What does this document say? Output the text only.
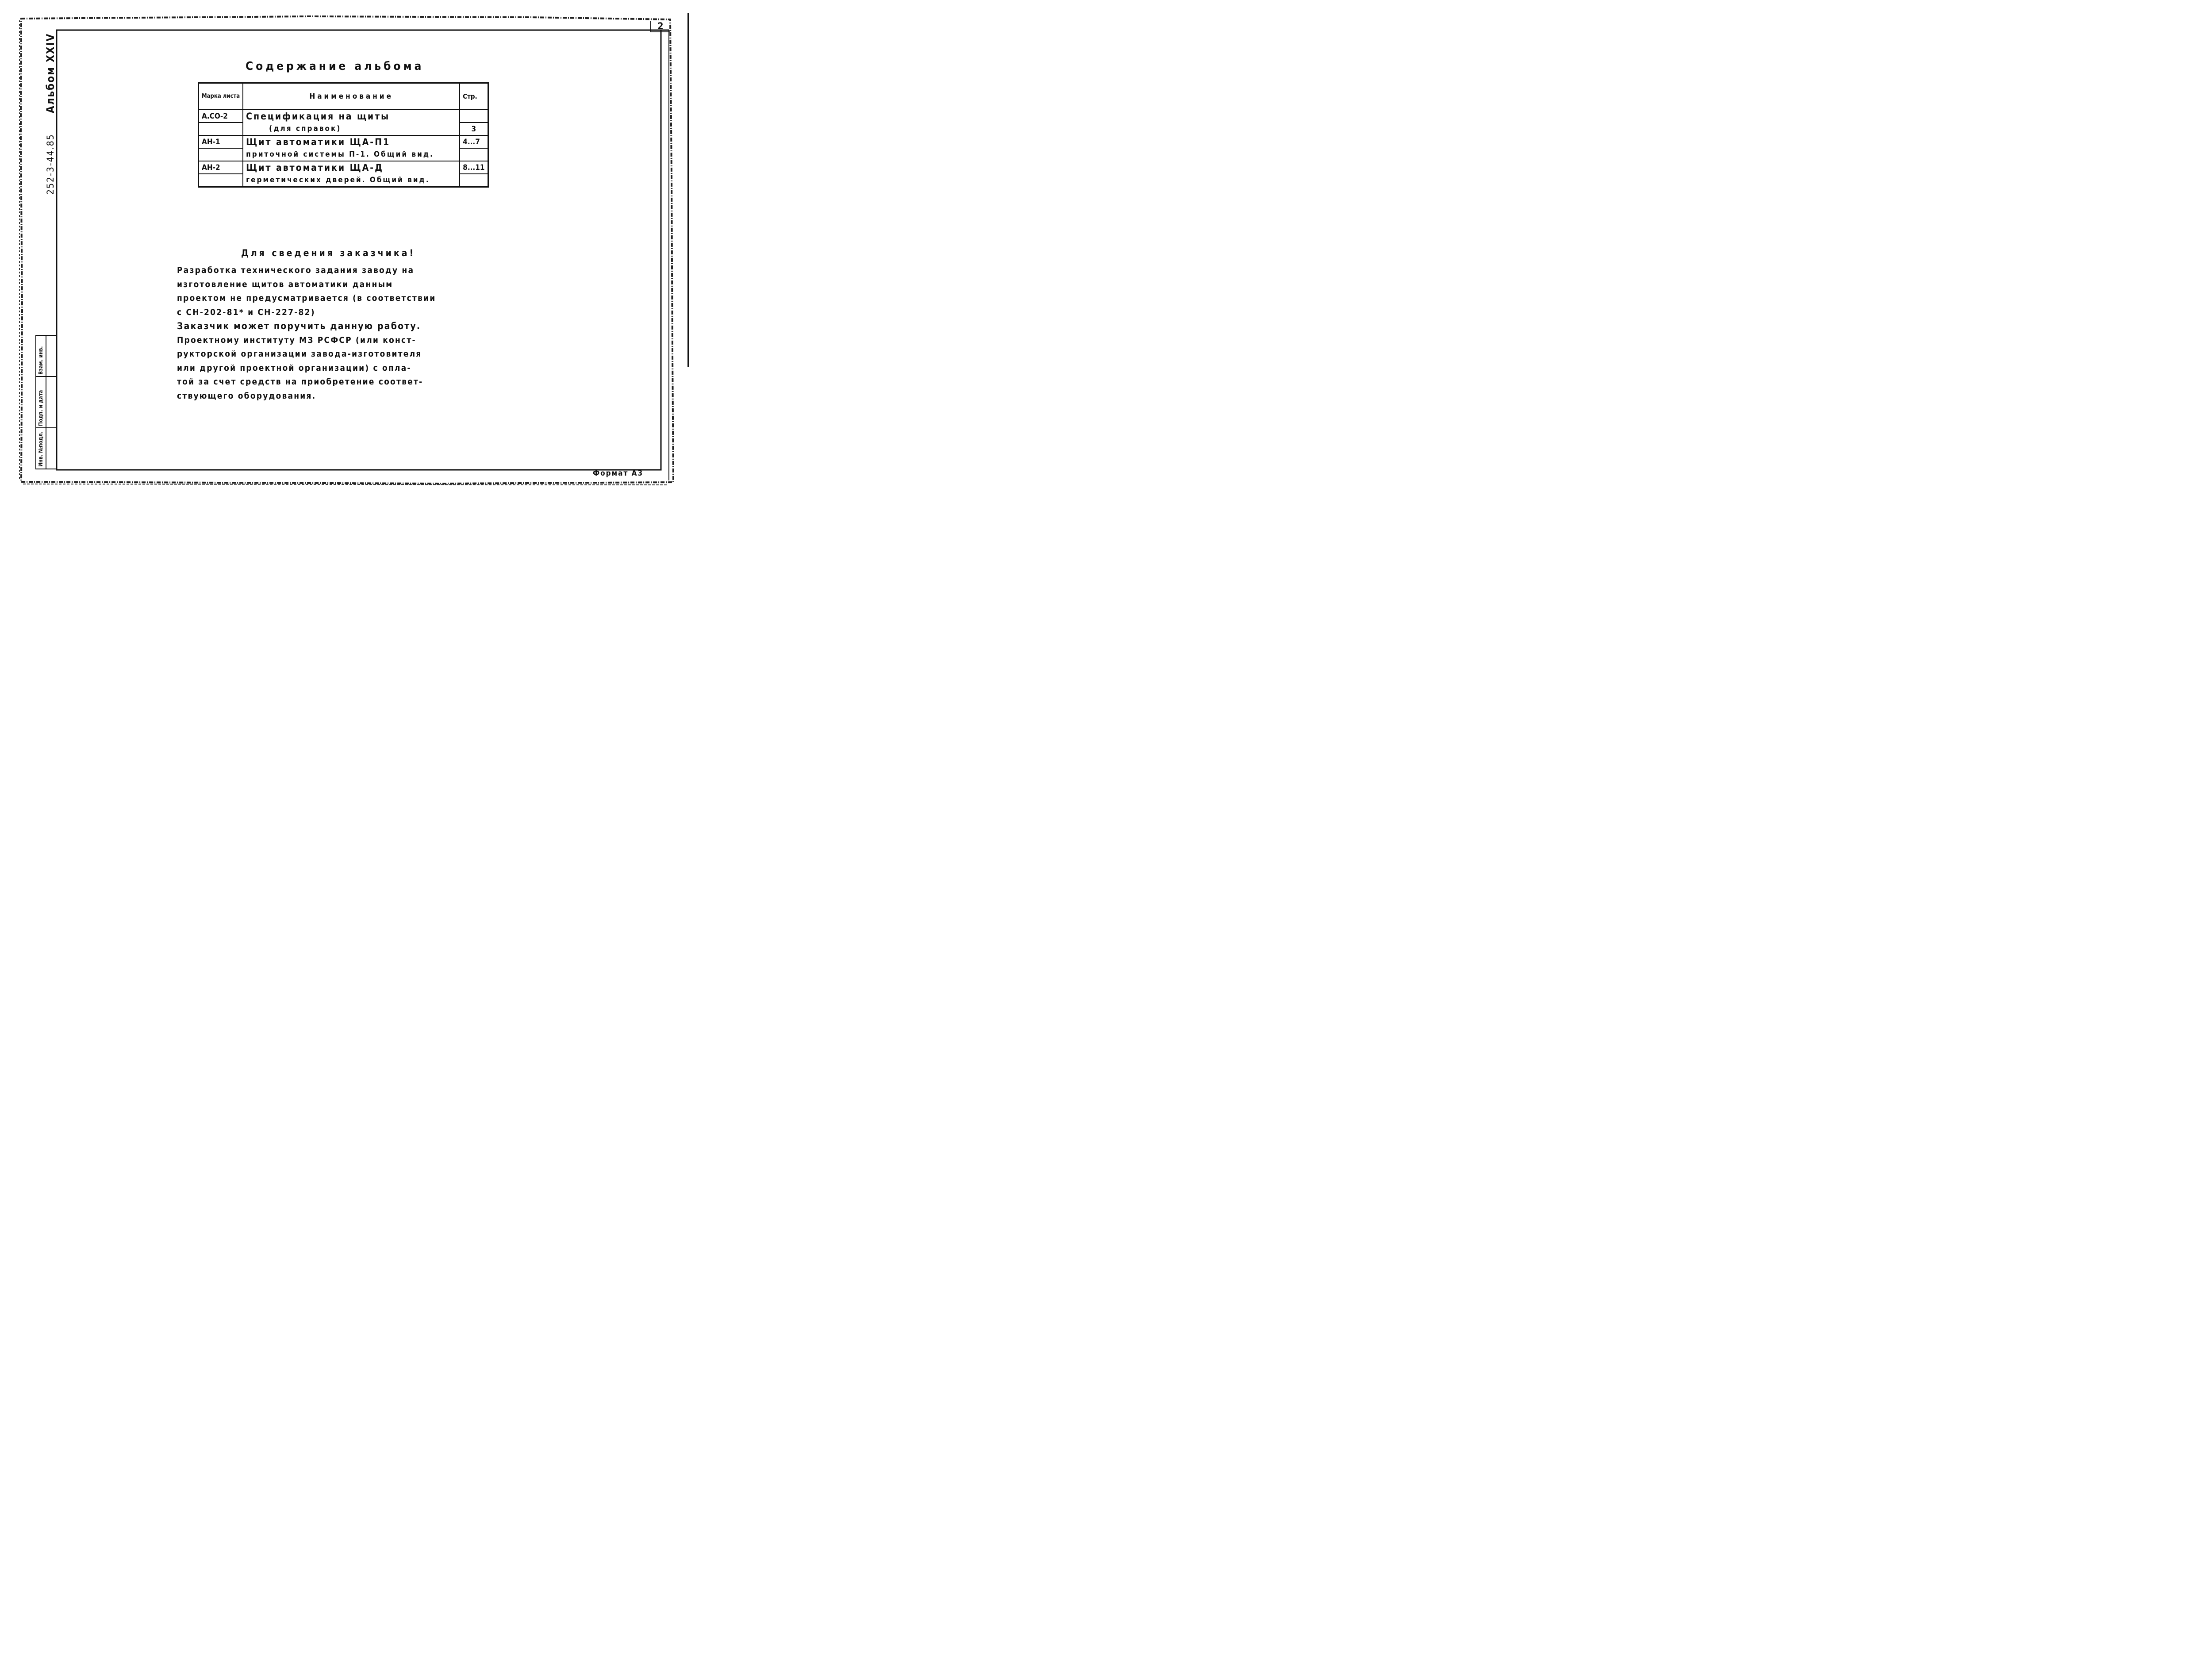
Альбом XXIV
252-3-44.85
2
Содержание альбома
Марка листа	Наименование	Стр.
А.СО-2	Спецификация на щиты	
	(для справок)	3
АН-1	Щит автоматики ЩА-П1	4...7
	приточной системы П-1. Общий вид.	
АН-2	Щит автоматики ЩА-Д	8...11
	герметических дверей. Общий вид.	
Для сведения заказчика!
Разработка технического задания заводу на
изготовление щитов автоматики данным
проектом не предусматривается (в соответствии
с СН-202-81* и СН-227-82)
Заказчик может поручить данную работу.
Проектному институту МЗ РСФСР (или конст-
рукторской организации завода-изготовителя
или другой проектной организации) с опла-
той за счет средств на приобретение соответ-
ствующего оборудования.
Инв. №подл.
Подп. и дата
Взам. инв.
Формат А3
